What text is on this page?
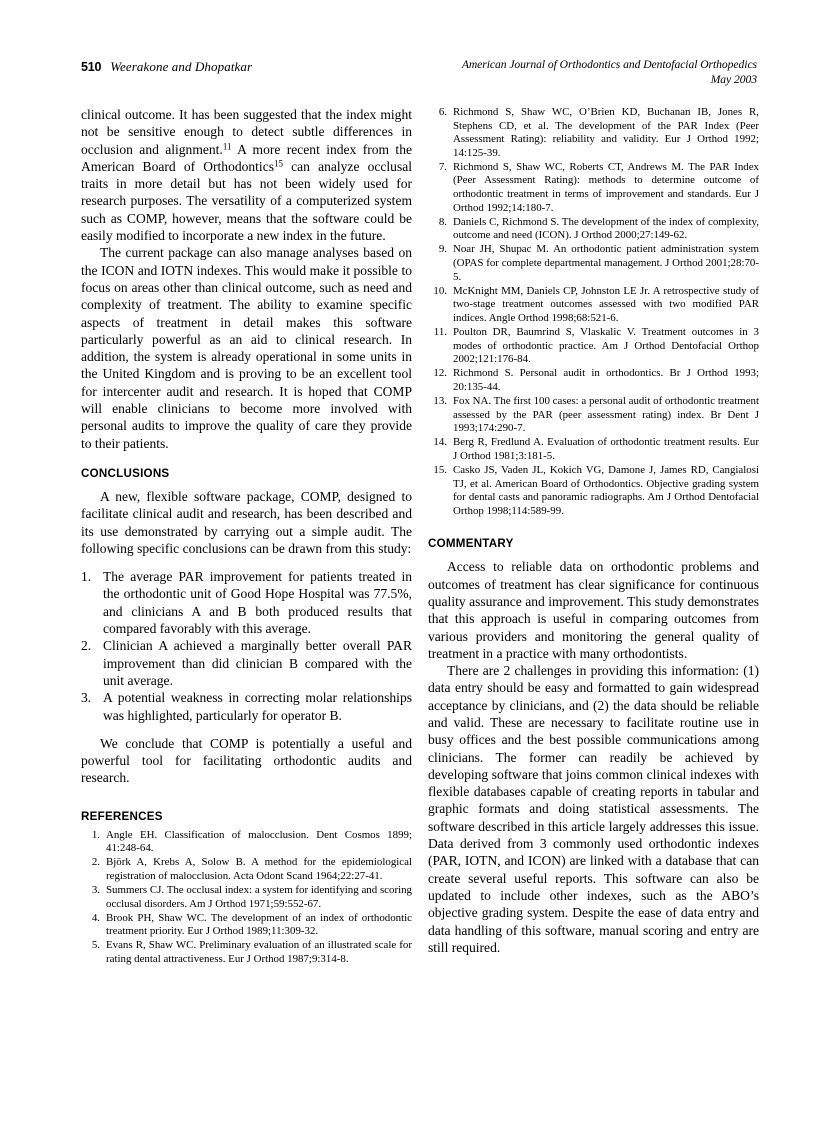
510 Weerakone and Dhopatkar	American Journal of Orthodontics and Dentofacial Orthopedics
May 2003

clinical outcome. It has been suggested that the index might not be sensitive enough to detect subtle differences in occlusion and alignment.$^{11}$ A more recent index from the American Board of Orthodontics$^{15}$ can analyze occlusal traits in more detail but has not been widely used for research purposes. The versatility of a computerized system such as COMP, however, means that the software could be easily modified to incorporate a new index in the future.

The current package can also manage analyses based on the ICON and IOTN indexes. This would make it possible to focus on areas other than clinical outcome, such as need and complexity of treatment. The ability to examine specific aspects of treatment in detail makes this software particularly powerful as an aid to clinical research. In addition, the system is already operational in some units in the United Kingdom and is proving to be an excellent tool for intercenter audit and research. It is hoped that COMP will enable clinicians to become more involved with personal audits to improve the quality of care they provide to their patients.

CONCLUSIONS

A new, flexible software package, COMP, designed to facilitate clinical audit and research, has been described and its use demonstrated by carrying out a simple audit. The following specific conclusions can be drawn from this study:

1. The average PAR improvement for patients treated in the orthodontic unit of Good Hope Hospital was 77.5%, and clinicians A and B both produced results that compared favorably with this average.
2. Clinician A achieved a marginally better overall PAR improvement than did clinician B compared with the unit average.
3. A potential weakness in correcting molar relationships was highlighted, particularly for operator B.

We conclude that COMP is potentially a useful and powerful tool for facilitating orthodontic audits and research.

REFERENCES
1. Angle EH. Classification of malocclusion. Dent Cosmos 1899; 41:248-64.
2. Björk A, Krebs A, Solow B. A method for the epidemiological registration of malocclusion. Acta Odont Scand 1964;22:27-41.
3. Summers CJ. The occlusal index: a system for identifying and scoring occlusal disorders. Am J Orthod 1971;59:552-67.
4. Brook PH, Shaw WC. The development of an index of orthodontic treatment priority. Eur J Orthod 1989;11:309-32.
5. Evans R, Shaw WC. Preliminary evaluation of an illustrated scale for rating dental attractiveness. Eur J Orthod 1987;9:314-8.
6. Richmond S, Shaw WC, O’Brien KD, Buchanan IB, Jones R, Stephens CD, et al. The development of the PAR Index (Peer Assessment Rating): reliability and validity. Eur J Orthod 1992; 14:125-39.
7. Richmond S, Shaw WC, Roberts CT, Andrews M. The PAR Index (Peer Assessment Rating): methods to determine outcome of orthodontic treatment in terms of improvement and standards. Eur J Orthod 1992;14:180-7.
8. Daniels C, Richmond S. The development of the index of complexity, outcome and need (ICON). J Orthod 2000;27:149-62.
9. Noar JH, Shupac M. An orthodontic patient administration system (OPAS for complete departmental management. J Orthod 2001;28:70-5.
10. McKnight MM, Daniels CP, Johnston LE Jr. A retrospective study of two-stage treatment outcomes assessed with two modified PAR indices. Angle Orthod 1998;68:521-6.
11. Poulton DR, Baumrind S, Vlaskalic V. Treatment outcomes in 3 modes of orthodontic practice. Am J Orthod Dentofacial Orthop 2002;121:176-84.
12. Richmond S. Personal audit in orthodontics. Br J Orthod 1993; 20:135-44.
13. Fox NA. The first 100 cases: a personal audit of orthodontic treatment assessed by the PAR (peer assessment rating) index. Br Dent J 1993;174:290-7.
14. Berg R, Fredlund A. Evaluation of orthodontic treatment results. Eur J Orthod 1981;3:181-5.
15. Casko JS, Vaden JL, Kokich VG, Damone J, James RD, Cangialosi TJ, et al. American Board of Orthodontics. Objective grading system for dental casts and panoramic radiographs. Am J Orthod Dentofacial Orthop 1998;114:589-99.
COMMENTARY

Access to reliable data on orthodontic problems and outcomes of treatment has clear significance for continuous quality assurance and improvement. This study demonstrates that this approach is useful in comparing outcomes from various providers and monitoring the general quality of treatment in a practice with many orthodontists.

There are 2 challenges in providing this information: (1) data entry should be easy and formatted to gain widespread acceptance by clinicians, and (2) the data should be reliable and valid. These are necessary to facilitate routine use in busy offices and the best possible communications among clinicians. The former can readily be achieved by developing software that joins common clinical indexes with flexible databases capable of creating reports in tabular and graphic formats and doing statistical assessments. The software described in this article largely addresses this issue. Data derived from 3 commonly used orthodontic indexes (PAR, IOTN, and ICON) are linked with a database that can create several useful reports. This software can also be updated to include other indexes, such as the ABO’s objective grading system. Despite the ease of data entry and data handling of this software, manual scoring and entry are still required.
